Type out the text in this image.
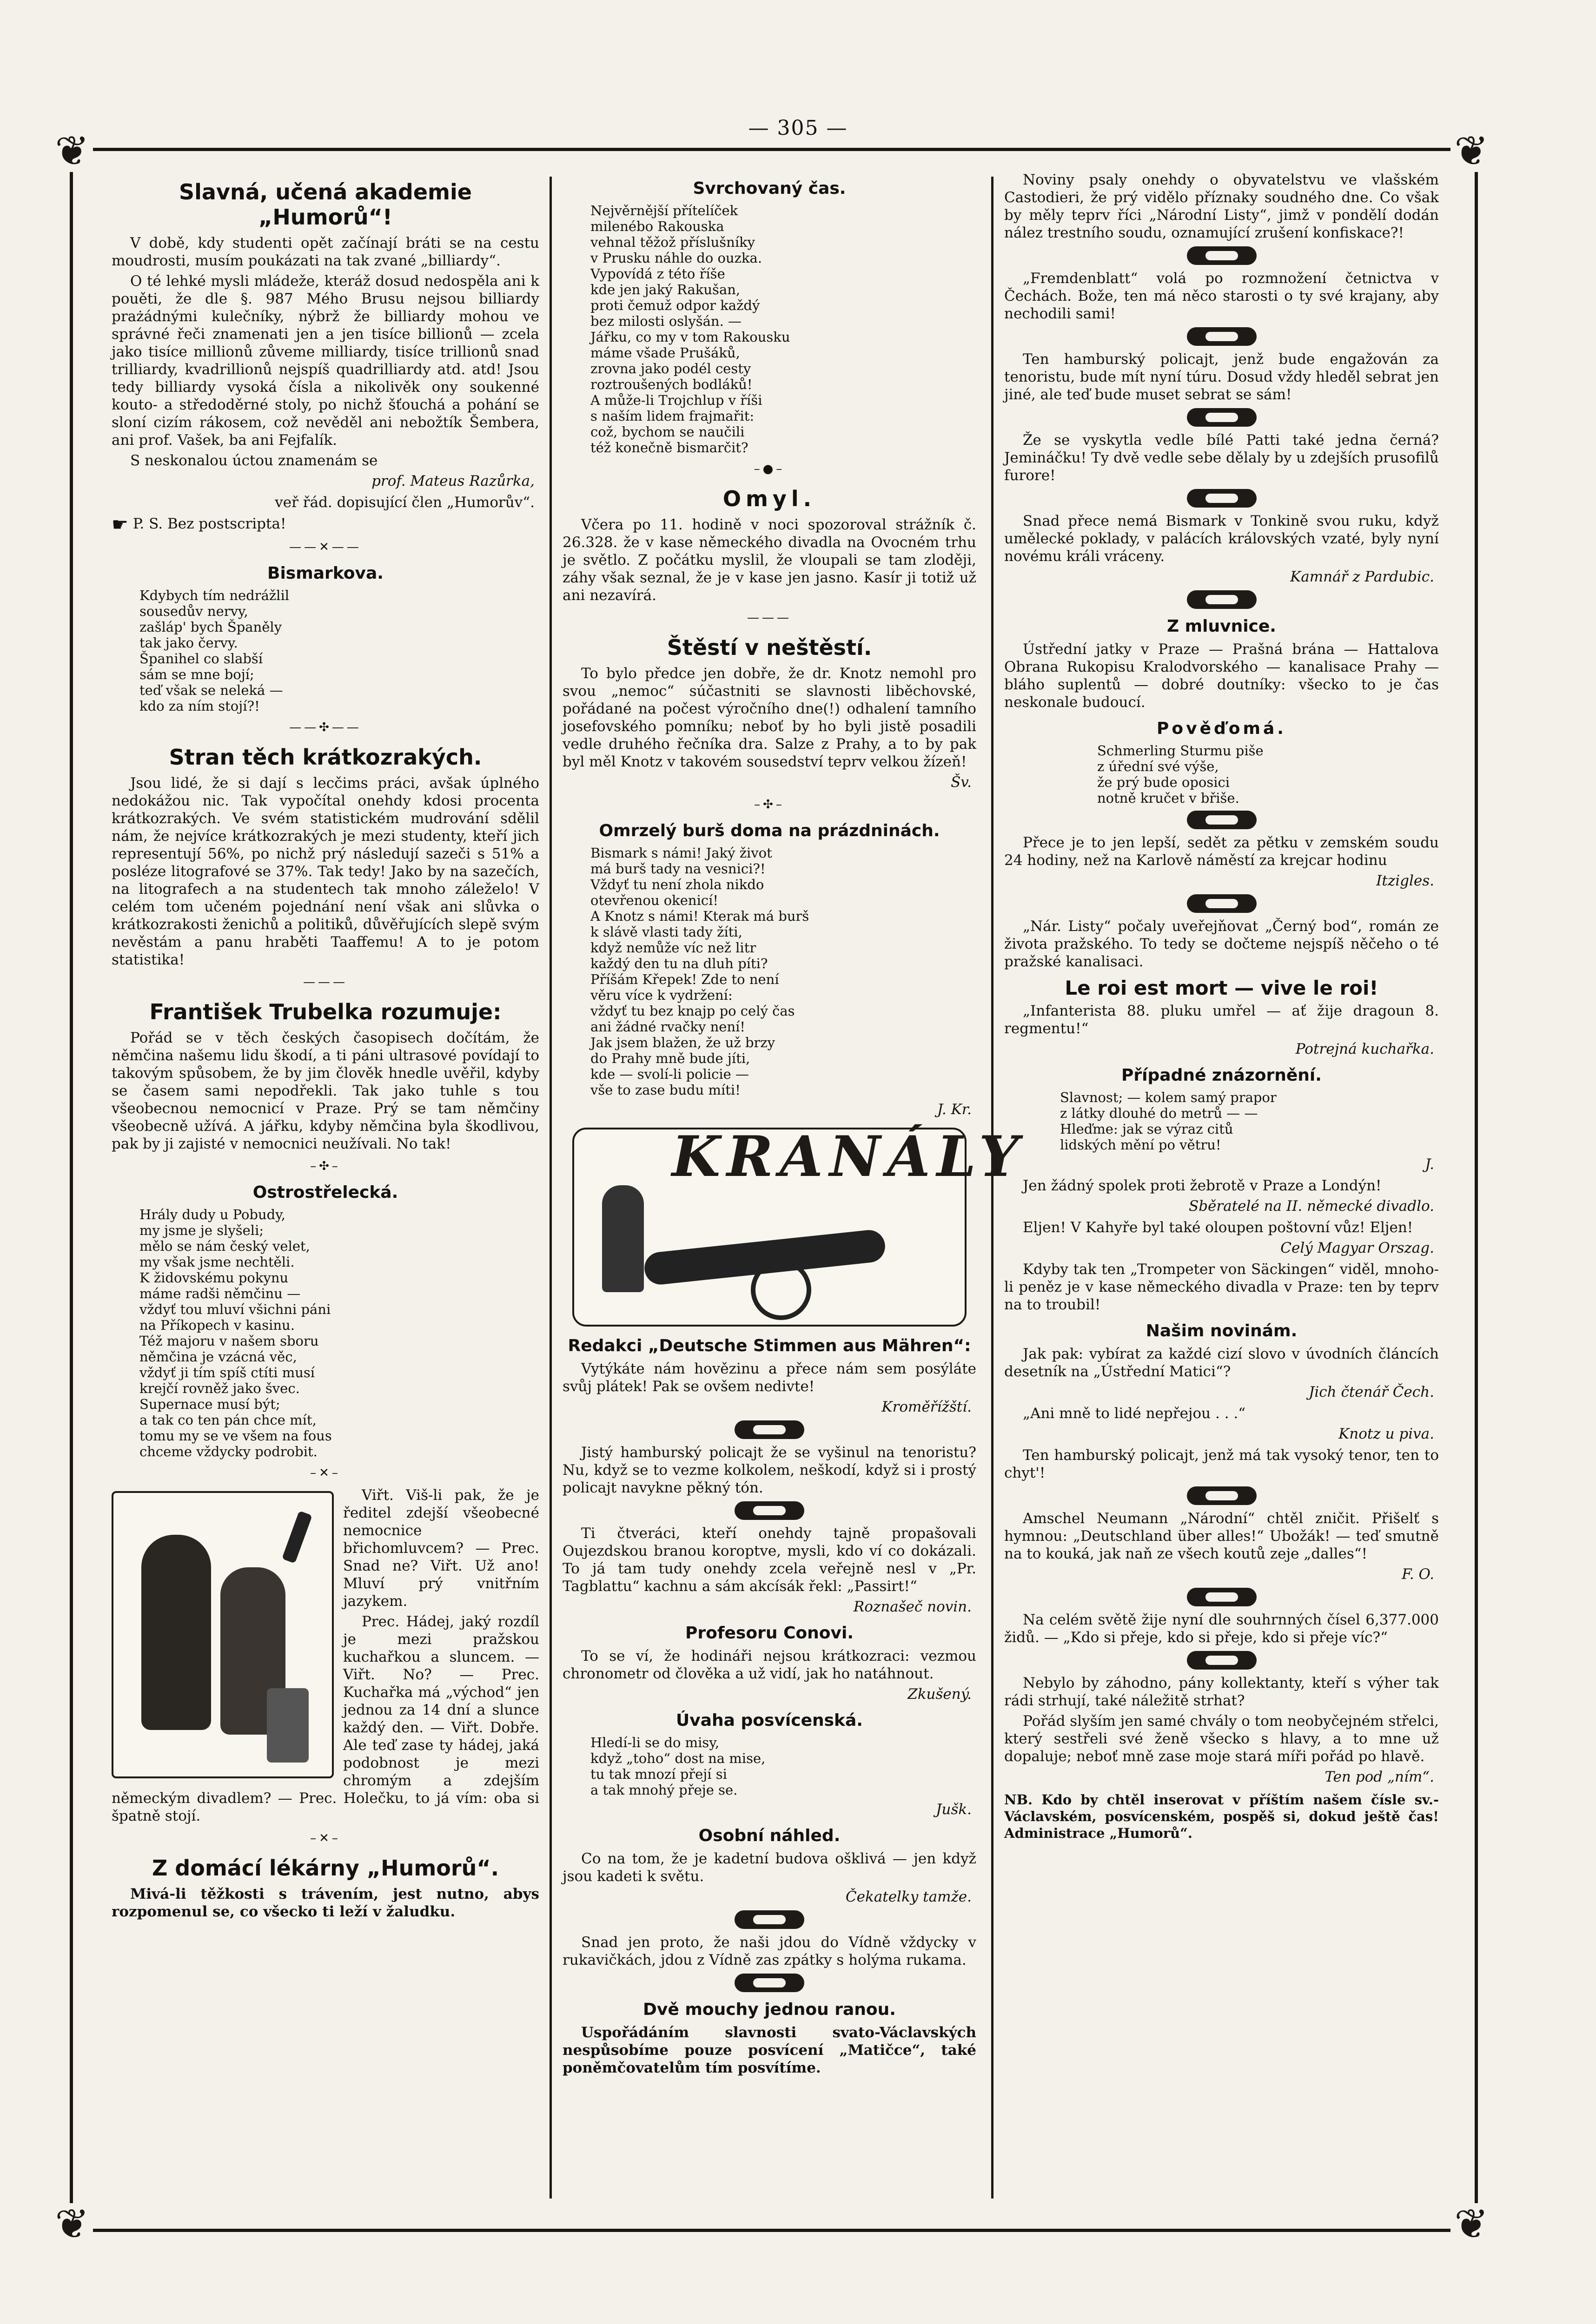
— 305 —
❦	❦
❦	❦
Slavná, učená akademie „Humorů“!

V době, kdy studenti opět začínají bráti se na cestu moudrosti, musím poukázati na tak zvané „billiardy“.

O té lehké mysli mládeže, kteráž dosud nedospěla ani k pouěti, že dle §. 987 Mého Brusu nejsou billiardy prażádnými kulečníky, nýbrž že billiardy mohou ve správné řeči znamenati jen a jen tisíce billionů — zcela jako tisíce millionů zůveme milliardy, tisíce trillionů snad trilliardy, kvadrillionů nejspíš quadrilliardy atd. atd! Jsou tedy billiardy vysoká čísla a nikolivěk ony soukenné kouto- a středoděrné stoly, po nichž šťouchá a pohání se sloní cizím rákosem, což nevěděl ani nebožtík Šembera, ani prof. Vašek, ba ani Fejfalík.

S neskonalou úctou znamenám se

prof. Mateus Razůrka,
veř řád. dopisující člen „Humorův“.

☛ P. S. Bez postscripta!

——✕——
Bismarkova.
Kdybych tím nedrážlil
sousedův nervy,
zašláp' bych Španěly
tak jako červy.
Španihel co slabší
sám se mne bojí;
teď však se neleká —
kdo za ním stojí?!
——✣——
Stran těch krátkozrakých.

Jsou lidé, že si dají s lecčims práci, avšak úplného nedokážou nic. Tak vypočítal onehdy kdosi procenta krátkozrakých. Ve svém statistickém mudrování sdělil nám, že nejvíce krátkozrakých je mezi studenty, kteří jich representují 56%, po nichž prý následují sazeči s 51% a posléze litografové se 37%. Tak tedy! Jako by na sazečích, na litografech a na studentech tak mnoho záleželo! V celém tom učeném pojednání není však ani slůvka o krátkozrakosti ženichů a politiků, důvěřujících slepě svým nevěstám a panu hraběti Taaffemu! A to je potom statistika!

———
František Trubelka rozumuje:

Pořád se v těch českých časopisech dočítám, že němčina našemu lidu škodí, a ti páni ultrasové povídají to takovým spůsobem, že by jim člověk hnedle uvěřil, kdyby se časem sami nepodřekli. Tak jako tuhle s tou všeobecnou nemocnicí v Praze. Prý se tam němčiny všeobecně užívá. A jářku, kdyby němčina byla škodlivou, pak by ji zajisté v nemocnici neužívali. No tak!

–✣–
Ostrostřelecká.
Hrály dudy u Pobudy,
my jsme je slyšeli;
mělo se nám český velet,
my však jsme nechtěli.
K židovskému pokynu
máme radši němčinu —
vždyť tou mluví všichni páni
na Příkopech v kasinu.
Též majoru v našem sboru
němčina je vzácná věc,
vždyť ji tím spíš ctíti musí
krejčí rovněž jako švec.
Supernace musí být;
a tak co ten pán chce mít,
tomu my se ve všem na fous
chceme vždycky podrobit.
–✕–

Viřt. Viš-li pak, že je ředitel zdejší všeobecné nemocnice břichomluvcem? — Prec. Snad ne? Viřt. Už ano! Mluví prý vnitřním jazykem.

Prec. Hádej, jaký rozdíl je mezi pražskou kuchařkou a sluncem. — Viřt. No? — Prec. Kuchařka má „východ“ jen jednou za 14 dní a slunce každý den. — Viřt. Dobře. Ale teď zase ty hádej, jaká podobnost je mezi chromým a zdejším německým divadlem? — Prec. Holečku, to já vím: oba si špatně stojí.

–✕–
Z domácí lékárny „Humorů“.

Mivá-li těžkosti s trávením, jest nutno, abys rozpomenul se, co všecko ti leží v žaludku.

Svrchovaný čas.
Nejvěrnější přítelíček
milenébo Rakouska
vehnal těžož příslušníky
v Prusku náhle do ouzka.
Vypovídá z této říše
kde jen jaký Rakušan,
proti čemuž odpor každý
bez milosti oslyšán. —
Jářku, co my v tom Rakousku
máme všade Prušáků,
zrovna jako podél cesty
roztroušených bodláků!
A může-li Trojchlup v říši
s naším lidem frajmařit:
což, bychom se naučili
též konečně bismarčit?
–●–
Omyl.

Včera po 11. hodině v noci spozoroval strážník č. 26.328. že v kase německého divadla na Ovocném trhu je světlo. Z počátku myslil, že vloupali se tam zloději, záhy však seznal, že je v kase jen jasno. Kasír ji totiž už ani nezavírá.

———
Štěstí v neštěstí.

To bylo předce jen dobře, že dr. Knotz nemohl pro svou „nemoc“ súčastniti se slavnosti liběchovské, pořádané na počest výročního dne(!) odhalení tamního josefovského pomníku; neboť by ho byli jistě posadili vedle druhého řečníka dra. Salze z Prahy, a to by pak byl měl Knotz v takovém sousedství teprv velkou žízeň!

Šv.
–✣–
Omrzelý burš doma na prázdninách.
Bismark s námi! Jaký život
má burš tady na vesnici?!
Vždyť tu není zhola nikdo
otevřenou okenicí!
A Knotz s námi! Kterak má burš
k slávě vlasti tady žíti,
když nemůže víc než litr
každý den tu na dluh píti?
Příšám Křepek! Zde to není
věru více k vydržení:
vždyť tu bez knajp po celý čas
ani žádné rvačky není!
Jak jsem blažen, že už brzy
do Prahy mně bude jíti,
kde — svolí-li policie —
vše to zase budu míti!
J. Kr.
KRANÁLY
Redakci „Deutsche Stimmen aus Mähren“:

Vytýkáte nám hovězinu a přece nám sem posýláte svůj plátek! Pak se ovšem nedivte!

Kroměřížští.

Jistý hamburský policajt že se vyšinul na tenoristu? Nu, když se to vezme kolkolem, neškodí, když si i prostý policajt navykne pěkný tón.

Ti čtveráci, kteří onehdy tajně propašovali Oujezdskou branou koroptve, mysli, kdo ví co dokázali. To já tam tudy onehdy zcela veřejně nesl v „Pr. Tagblattu“ kachnu a sám akcísák řekl: „Passirt!“

Roznašeč novin.
Profesoru Conovi.

To se ví, že hodináři nejsou krátkozraci: vezmou chronometr od člověka a už vidí, jak ho natáhnout.

Zkušený.
Úvaha posvícenská.
Hledí-li se do misy,
když „toho“ dost na mise,
tu tak mnozí přejí si
a tak mnohý přeje se.
Jušk.
Osobní náhled.

Co na tom, že je kadetní budova ošklivá — jen když jsou kadeti k světu.

Čekatelky tamže.

Snad jen proto, že naši jdou do Vídně vždycky v rukavičkách, jdou z Vídně zas zpátky s holýma rukama.

Dvě mouchy jednou ranou.

Uspořádáním slavnosti svato-Václavských nespůsobíme pouze posvícení „Matičce“, také poněmčovatelům tím posvítíme.

Noviny psaly onehdy o obyvatelstvu ve vlašském Castodieri, že prý vidělo příznaky soudného dne. Co však by měly teprv říci „Národní Listy“, jimž v pondělí dodán nález trestního soudu, oznamující zrušení konfiskace?!

„Fremdenblatt“ volá po rozmnožení četnictva v Čechách. Bože, ten má něco starosti o ty své krajany, aby nechodili sami!

Ten hamburský policajt, jenž bude engažován za tenoristu, bude mít nyní túru. Dosud vždy hleděl sebrat jen jiné, ale teď bude muset sebrat se sám!

Že se vyskytla vedle bílé Patti také jedna černá? Jemináčku! Ty dvě vedle sebe dělaly by u zdejších prusofilů furore!

Snad přece nemá Bismark v Tonkině svou ruku, když umělecké poklady, v palácích královských vzaté, byly nyní novému králi vráceny.

Kamnář z Pardubic.
Z mluvnice.

Ústřední jatky v Praze — Prašná brána — Hattalova Obrana Rukopisu Kralodvorského — kanalisace Prahy — bláho suplentů — dobré doutníky: všecko to je čas neskonale budoucí.

Pověďomá.
Schmerling Sturmu piše
z úřední své výše,
že prý bude oposici
notně kručet v břiše.

Přece je to jen lepší, sedět za pětku v zemském soudu 24 hodiny, než na Karlově náměstí za krejcar hodinu

Itzigles.

„Nár. Listy“ počaly uveřejňovat „Černý bod“, román ze života pražského. To tedy se dočteme nejspíš něčeho o té pražské kanalisaci.

Le roi est mort — vive le roi!

„Infanterista 88. pluku umřel — ať žije dragoun 8. regmentu!“

Potrejná kuchařka.
Případné znázornění.
Slavnost; — kolem samý prapor
z látky dlouhé do metrů — —
Hleďme: jak se výraz citů
lidských mění po větru!
J.

Jen žádný spolek proti žebrotě v Praze a Londýn!

Sběratelé na II. německé divadlo.

Eljen! V Kahyře byl také oloupen poštovní vůz! Eljen!

Celý Magyar Orszag.

Kdyby tak ten „Trompeter von Säckingen“ viděl, mnoho-li peněz je v kase německého divadla v Praze: ten by teprv na to troubil!

Našim novinám.

Jak pak: vybírat za každé cizí slovo v úvodních článcích desetník na „Ústřední Matici“?

Jich čtenář Čech.

„Ani mně to lidé nepřejou . . .“

Knotz u piva.

Ten hamburský policajt, jenž má tak vysoký tenor, ten to chyt'!

Amschel Neumann „Národní“ chtěl zničit. Přišelť s hymnou: „Deutschland über alles!“ Ubožák! — teď smutně na to kouká, jak naň ze všech koutů zeje „dalles“!

F. O.

Na celém světě žije nyní dle souhrnných čísel 6,377.000 židů. — „Kdo si přeje, kdo si přeje, kdo si přeje víc?“

Nebylo by záhodno, pány kollektanty, kteří s výher tak rádi strhují, také náležitě strhat?

Pořád slyším jen samé chvály o tom neobyčejném střelci, který sestřeli své ženě všecko s hlavy, a to mne už dopaluje; neboť mně zase moje stará míři pořád po hlavě.

Ten pod „ním“.
NB. Kdo by chtěl inserovat v příštím našem čísle sv.-Václavském, posvícenském, pospěš si, dokud ještě čas! Administrace „Humorů“.
